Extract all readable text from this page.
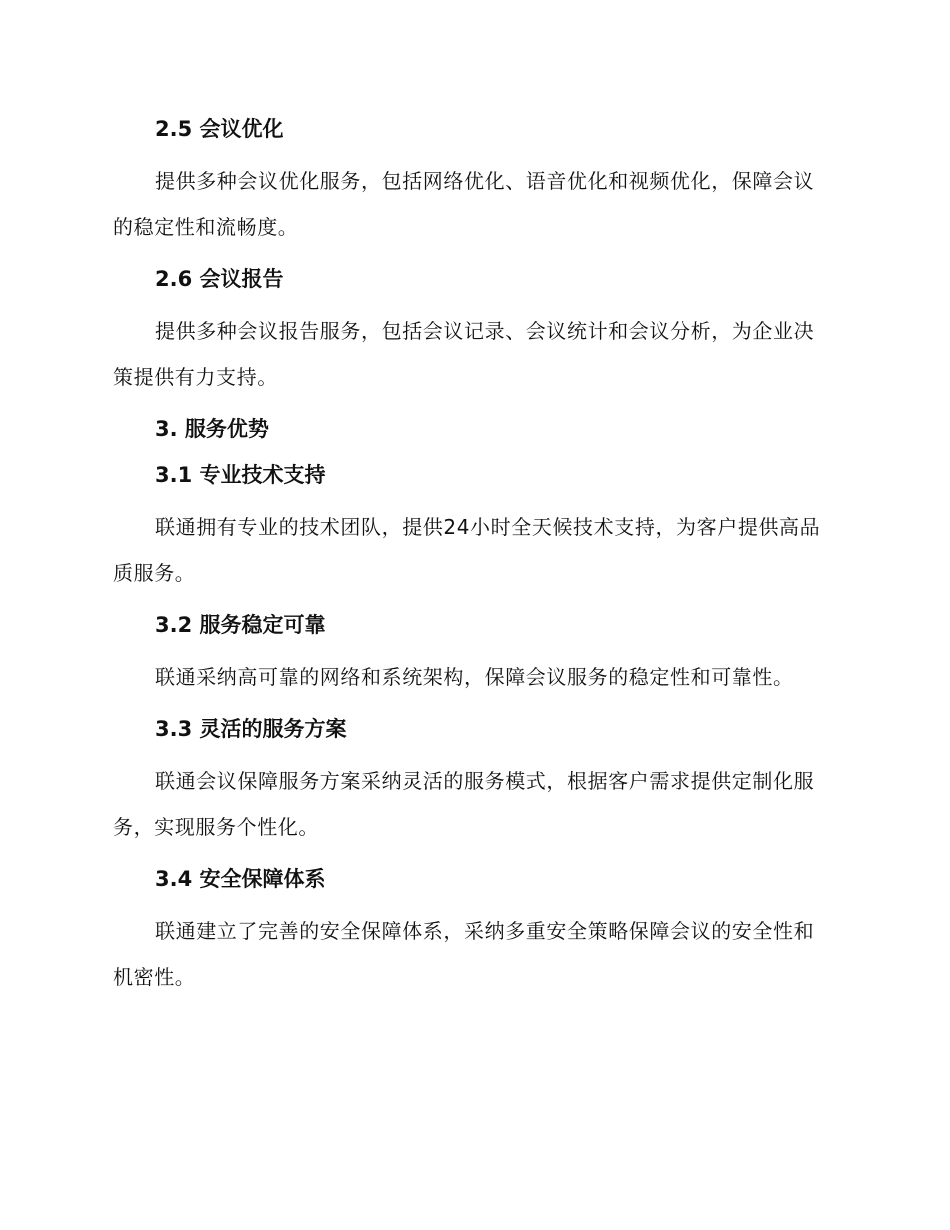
2.5 会议优化

提供多种会议优化服务，包括网络优化、语音优化和视频优化，保障会议的稳定性和流畅度。

2.6 会议报告

提供多种会议报告服务，包括会议记录、会议统计和会议分析，为企业决策提供有力支持。

3. 服务优势
3.1 专业技术支持

联通拥有专业的技术团队，提供24小时全天候技术支持，为客户提供高品质服务。

3.2 服务稳定可靠

联通采纳高可靠的网络和系统架构，保障会议服务的稳定性和可靠性。

3.3 灵活的服务方案

联通会议保障服务方案采纳灵活的服务模式，根据客户需求提供定制化服务，实现服务个性化。

3.4 安全保障体系

联通建立了完善的安全保障体系，采纳多重安全策略保障会议的安全性和机密性。
